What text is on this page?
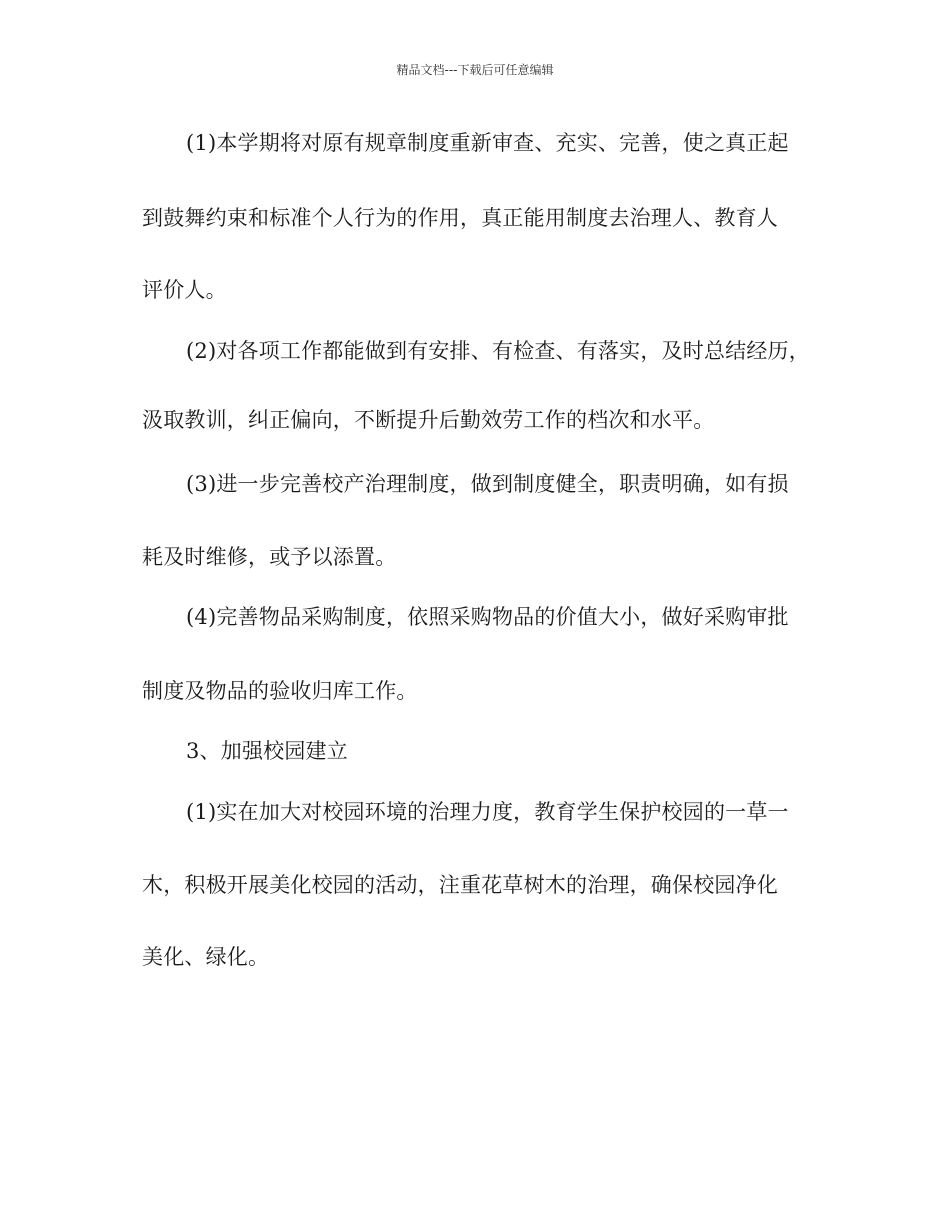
精品文档---下载后可任意编辑
(1)本学期将对原有规章制度重新审查、充实、完善，使之真正起
到鼓舞约束和标准个人行为的作用，真正能用制度去治理人、教育人
评价人。
(2)对各项工作都能做到有安排、有检查、有落实，及时总结经历，
汲取教训，纠正偏向，不断提升后勤效劳工作的档次和水平。
(3)进一步完善校产治理制度，做到制度健全，职责明确，如有损
耗及时维修，或予以添置。
(4)完善物品采购制度，依照采购物品的价值大小，做好采购审批
制度及物品的验收归库工作。
3、加强校园建立
(1)实在加大对校园环境的治理力度，教育学生保护校园的一草一
木，积极开展美化校园的活动，注重花草树木的治理，确保校园净化
美化、绿化。
